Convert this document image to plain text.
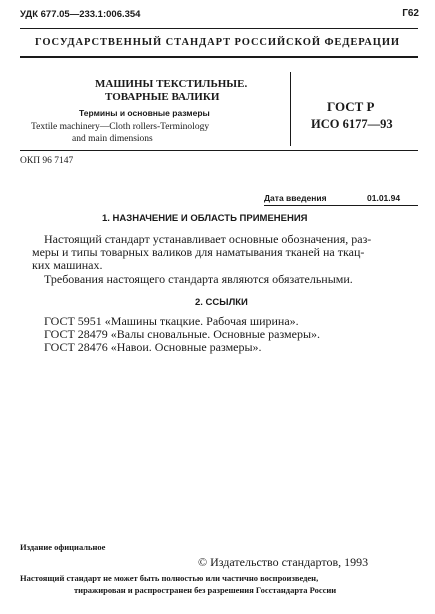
УДК 677.05—233.1:006.354	Г62
ГОСУДАРСТВЕННЫЙ СТАНДАРТ РОССИЙСКОЙ ФЕДЕРАЦИИ
МАШИНЫ ТЕКСТИЛЬНЫЕ.
ТОВАРНЫЕ ВАЛИКИ
Термины и основные размеры
Textile machinery—Cloth rollers-Terminology
and main dimensions
ГОСТ Р
ИСО 6177—93
ОКП 96 7147
Дата введения	01.01.94
1. НАЗНАЧЕНИЕ И ОБЛАСТЬ ПРИМЕНЕНИЯ
Настоящий стандарт устанавливает основные обозначения, раз-
меры и типы товарных валиков для наматывания тканей на ткац-
ких машинах.
Требования настоящего стандарта являются обязательными.
2. ССЫЛКИ
ГОСТ 5951 «Машины ткацкие. Рабочая ширина».
ГОСТ 28479 «Валы сновальные. Основные размеры».
ГОСТ 28476 «Навои. Основные размеры».
Издание официальное
© Издательство стандартов, 1993
Настоящий стандарт не может быть полностью или частично воспроизведен,
тиражирован и распространен без разрешения Госстандарта России
